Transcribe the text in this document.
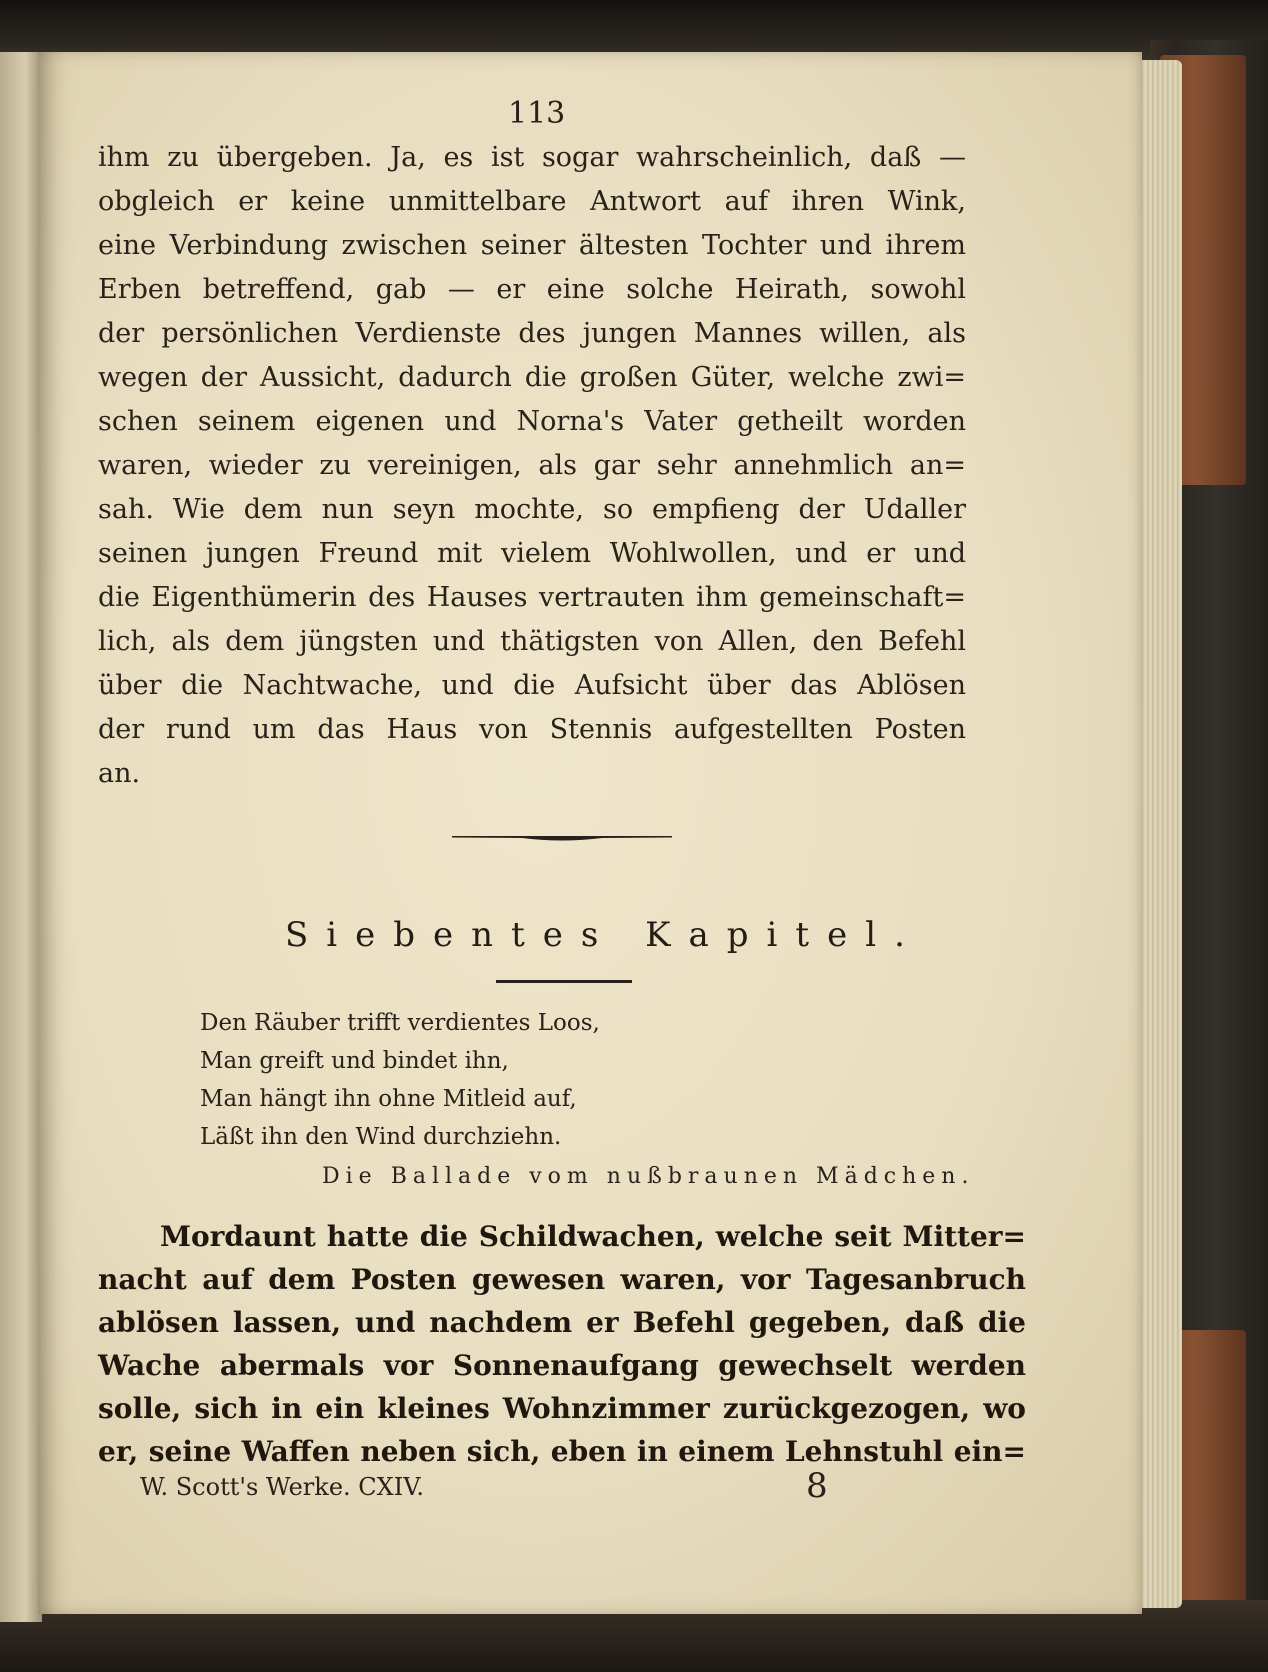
113
ihm zu übergeben. Ja, es ist sogar wahrscheinlich, daß —
obgleich er keine unmittelbare Antwort auf ihren Wink,
eine Verbindung zwischen seiner ältesten Tochter und ihrem
Erben betreffend, gab — er eine solche Heirath, sowohl
der persönlichen Verdienste des jungen Mannes willen, als
wegen der Aussicht, dadurch die großen Güter, welche zwi=
schen seinem eigenen und Norna's Vater getheilt worden
waren, wieder zu vereinigen, als gar sehr annehmlich an=
sah. Wie dem nun seyn mochte, so empfieng der Udaller
seinen jungen Freund mit vielem Wohlwollen, und er und
die Eigenthümerin des Hauses vertrauten ihm gemeinschaft=
lich, als dem jüngsten und thätigsten von Allen, den Befehl
über die Nachtwache, und die Aufsicht über das Ablösen
der rund um das Haus von Stennis aufgestellten Posten
an.
Siebentes Kapitel.
Den Räuber trifft verdientes Loos,
Man greift und bindet ihn,
Man hängt ihn ohne Mitleid auf,
Läßt ihn den Wind durchziehn.
Die Ballade vom nußbraunen Mädchen.
Mordaunt hatte die Schildwachen, welche seit Mitter=
nacht auf dem Posten gewesen waren, vor Tagesanbruch
ablösen lassen, und nachdem er Befehl gegeben, daß die
Wache abermals vor Sonnenaufgang gewechselt werden
solle, sich in ein kleines Wohnzimmer zurückgezogen, wo
er, seine Waffen neben sich, eben in einem Lehnstuhl ein=
W. Scott's Werke. CXIV.	8
